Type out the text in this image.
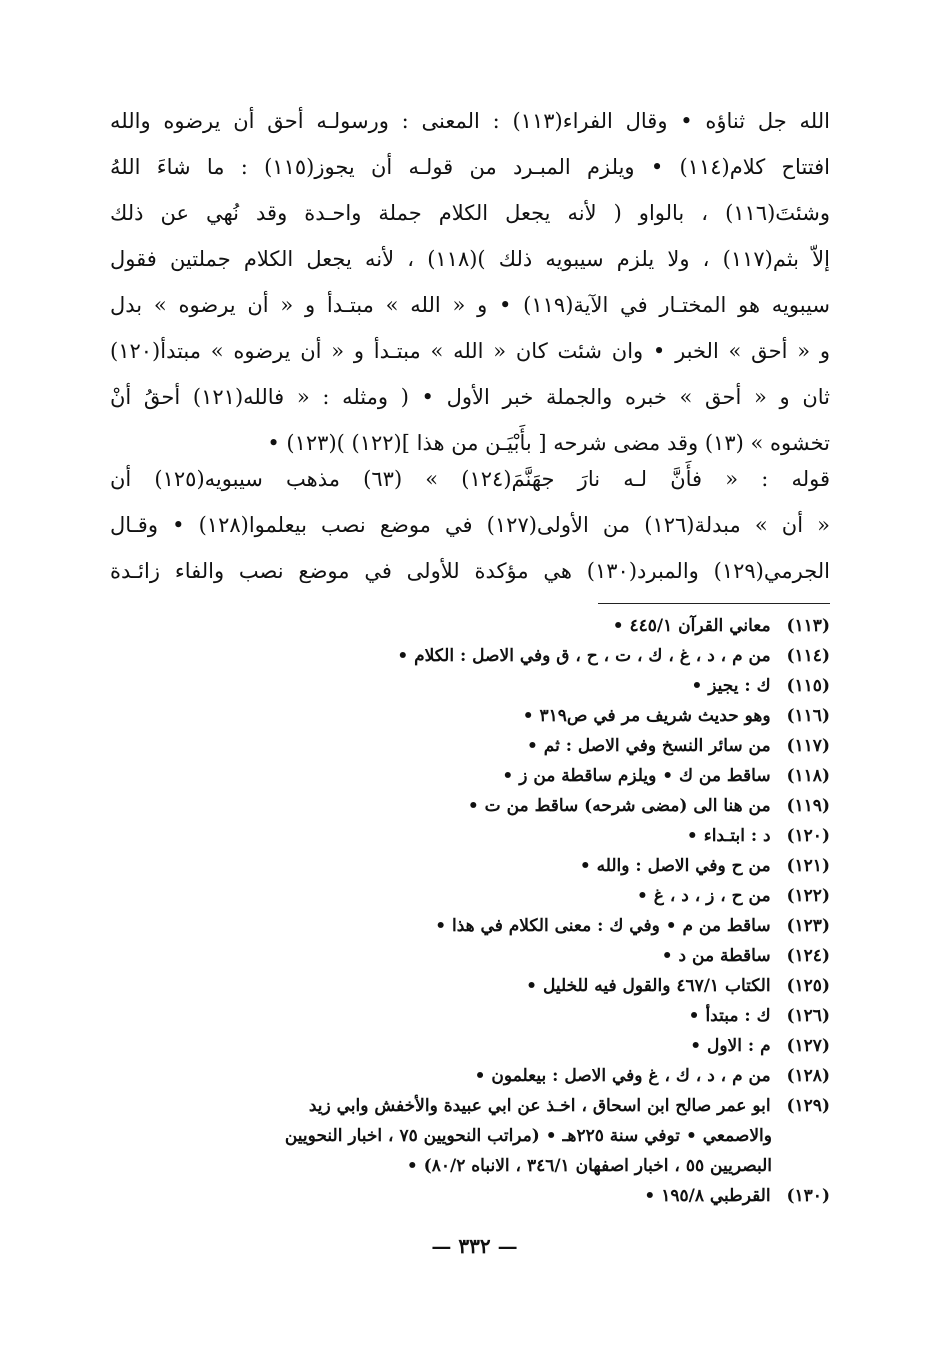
الله جل ثناؤه • وقال الفراء(١١٣) : المعنى : ورسولـه أحق أن يرضوه والله
افتتاح كلام(١١٤) • ويلزم المبـرد من قولـه أن يجوز(١١٥) : ما شاءَ اللهُ
وشئتَ(١١٦) ، بالواو ( لأنه يجعل الكلام جملة واحـدة وقد نُهي عن ذلك
إلاّ بثم(١١٧) ، ولا يلزم سيبويه ذلك )(١١٨) ، لأنه يجعل الكلام جملتين فقول
سيبويه هو المختـار في الآية(١١٩) • و « الله » مبتـدأ و « أن يرضوه » بدل
و « أحق » الخبر • وان شئت كان « الله » مبتـدأ و « أن يرضوه » مبتدأ(١٢٠)
ثان و « أحق » خبره والجملة خبر الأول • ( ومثله : « فالله(١٢١) أحقُ أنْ
تخشوه » (١٣) وقد مضى شرحه [ بأَبْيَـن من هذا ](١٢٢) )(١٢٣) •
قوله : « فأَنَّ لـه نارَ جهَنَّمَ(١٢٤) » (٦٣) مذهب سيبويه(١٢٥) أن
« أن » مبدلة(١٢٦) من الأولى(١٢٧) في موضع نصب بيعلموا(١٢٨) • وقـال
الجرمي(١٢٩) والمبرد(١٣٠) هي مؤكدة للأولى في موضع نصب والفاء زائـدة
(١١٣) معاني القرآن ٤٤٥/١ •
(١١٤) من م ، د ، غ ، ك ، ت ، ح ، ق وفي الاصل : الكلام •
(١١٥) ك : يجيز •
(١١٦) وهو حديث شريف مر في ص٣١٩ •
(١١٧) من سائر النسخ وفي الاصل : ثم •
(١١٨) ساقط من ك • ويلزم ساقطة من ز •
(١١٩) من هنا الى (مضى شرحه) ساقط من ت •
(١٢٠) د : ابتـداء •
(١٢١) من ح وفي الاصل : والله •
(١٢٢) من ح ، ز ، د ، غ •
(١٢٣) ساقط من م • وفي ك : معنى الكلام في هذا •
(١٢٤) ساقطة من د •
(١٢٥) الكتاب ٤٦٧/١ والقول فيه للخليل •
(١٢٦) ك : مبتدأ •
(١٢٧) م : الاول •
(١٢٨) من م ، د ، ك ، غ وفي الاصل : بيعلمون •
(١٢٩) ابو عمر صالح ابن اسحاق ، اخـذ عن ابي عبيدة والأخفش وابي زيد
والاصمعي • توفي سنة ٢٢٥هـ • (مراتب النحويين ٧٥ ، اخبار النحويين
البصريين ٥٥ ، اخبار اصفهان ٣٤٦/١ ، الانباه ٨٠/٢) •
(١٣٠) القرطبي ١٩٥/٨ •
— ٣٣٢ —
